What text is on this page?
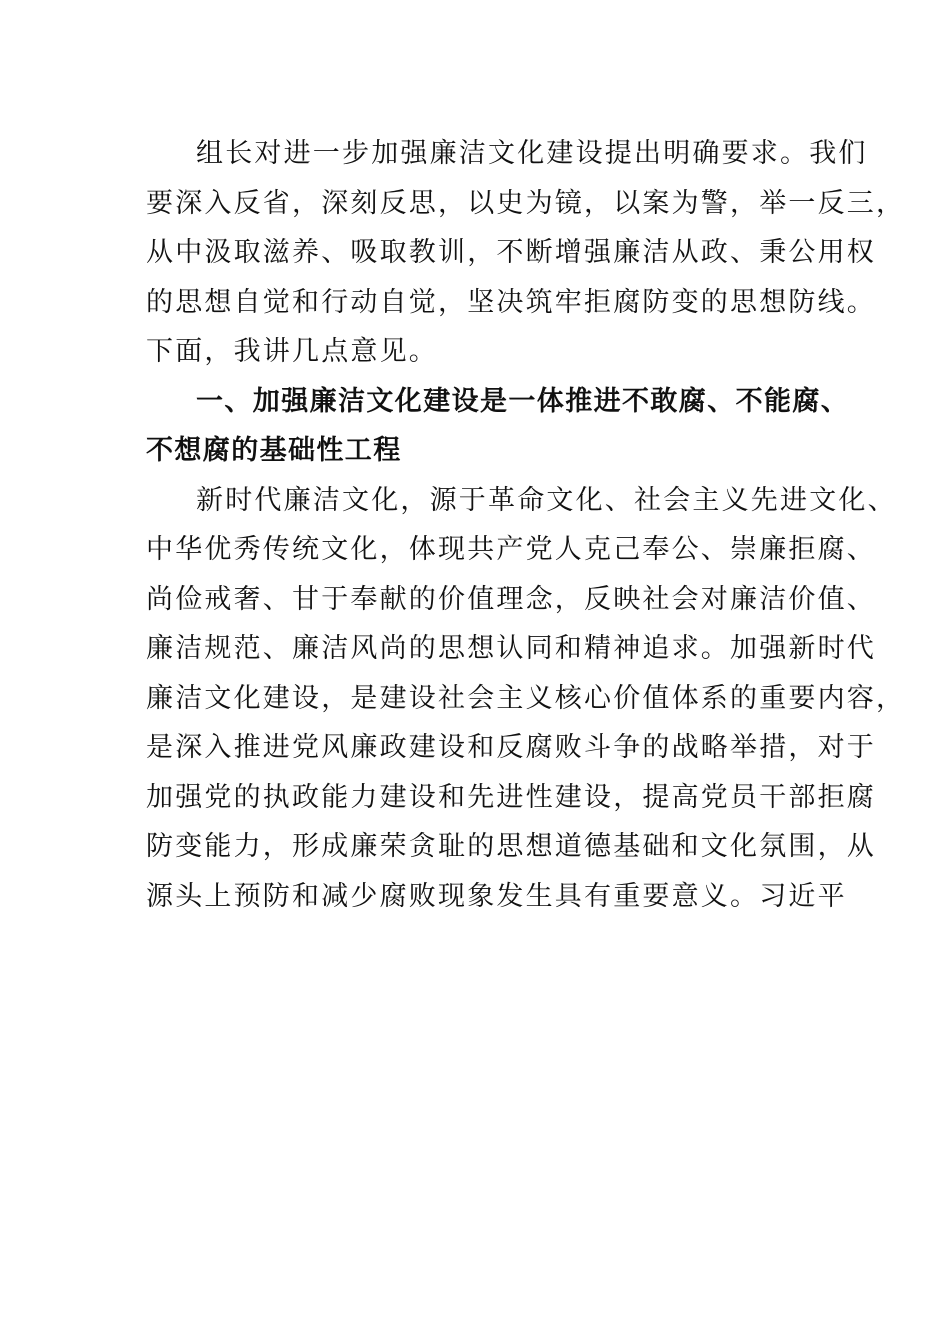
组长对进一步加强廉洁文化建设提出明确要求。我们
要深入反省，深刻反思，以史为镜，以案为警，举一反三，
从中汲取滋养、吸取教训，不断增强廉洁从政、秉公用权
的思想自觉和行动自觉，坚决筑牢拒腐防变的思想防线。
下面，我讲几点意见。
一、加强廉洁文化建设是一体推进不敢腐、不能腐、
不想腐的基础性工程
新时代廉洁文化，源于革命文化、社会主义先进文化、
中华优秀传统文化，体现共产党人克己奉公、崇廉拒腐、
尚俭戒奢、甘于奉献的价值理念，反映社会对廉洁价值、
廉洁规范、廉洁风尚的思想认同和精神追求。加强新时代
廉洁文化建设，是建设社会主义核心价值体系的重要内容，
是深入推进党风廉政建设和反腐败斗争的战略举措，对于
加强党的执政能力建设和先进性建设，提高党员干部拒腐
防变能力，形成廉荣贪耻的思想道德基础和文化氛围，从
源头上预防和减少腐败现象发生具有重要意义。习近平
